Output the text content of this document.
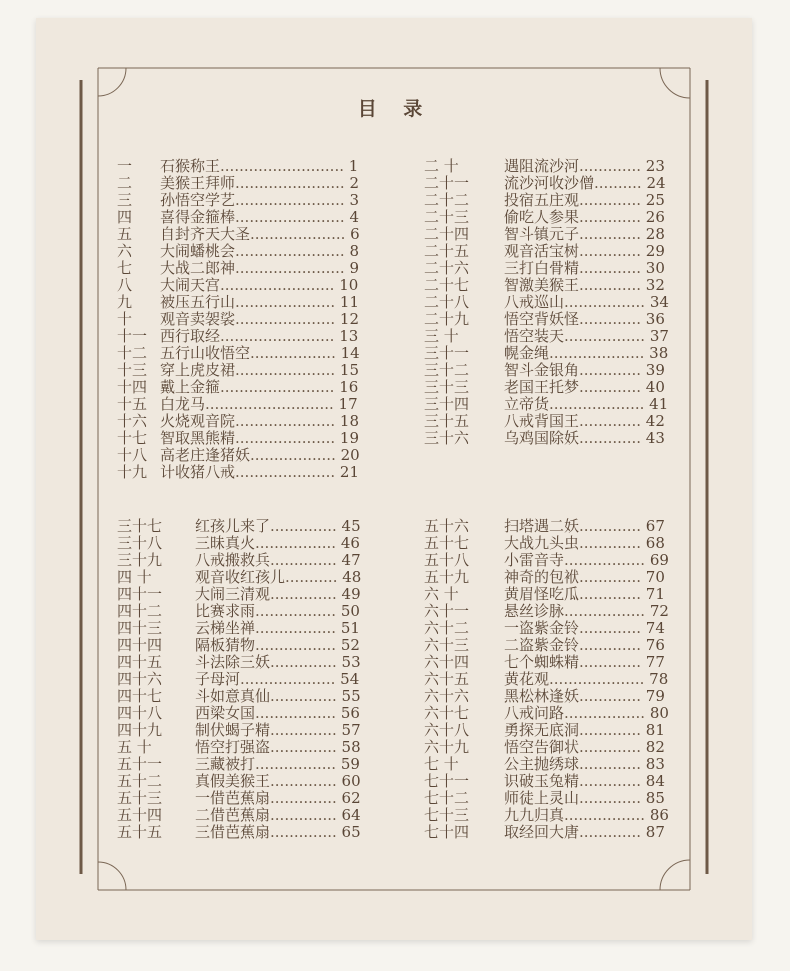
目 录
一 石猴称王.......................... 1
二 美猴王拜师....................... 2
三 孙悟空学艺....................... 3
四 喜得金箍棒....................... 4
五 自封齐天大圣.................... 6
六 大闹蟠桃会....................... 8
七 大战二郎神....................... 9
八 大闹天宫........................ 10
九 被压五行山..................... 11
十 观音卖袈裟..................... 12
十一 西行取经........................ 13
十二 五行山收悟空.................. 14
十三 穿上虎皮裙..................... 15
十四 戴上金箍........................ 16
十五 白龙马........................... 17
十六 火烧观音院..................... 18
十七 智取黑熊精..................... 19
十八 高老庄逢猪妖.................. 20
十九 计收猪八戒..................... 21
二 十	遇阻流沙河............. 23
二十一 流沙河收沙僧.......... 24
二十二 投宿五庄观............. 25
二十三 偷吃人参果............. 26
二十四 智斗镇元子............. 28
二十五 观音活宝树............. 29
二十六 三打白骨精............. 30
二十七 智激美猴王............. 32
二十八 八戒巡山................. 34
二十九 悟空背妖怪............. 36
三 十	悟空装天................. 37
三十一 幌金绳.................... 38
三十二 智斗金银角............. 39
三十三 老国王托梦............. 40
三十四 立帝货.................... 41
三十五 八戒背国王............. 42
三十六 乌鸡国除妖............. 43
三十七 红孩儿来了.............. 45
三十八 三昧真火................. 46
三十九 八戒搬救兵.............. 47
四 十	观音收红孩儿........... 48
四十一 大闹三清观.............. 49
四十二 比赛求雨................. 50
四十三 云梯坐禅................. 51
四十四 隔板猜物................. 52
四十五 斗法除三妖.............. 53
四十六 子母河.................... 54
四十七 斗如意真仙.............. 55
四十八 西梁女国................. 56
四十九 制伏蝎子精.............. 57
五 十	悟空打强盗.............. 58
五十一 三藏被打................. 59
五十二 真假美猴王.............. 60
五十三 一借芭蕉扇.............. 62
五十四 二借芭蕉扇.............. 64
五十五 三借芭蕉扇.............. 65
五十六 扫塔遇二妖............. 67
五十七 大战九头虫............. 68
五十八 小雷音寺................. 69
五十九 神奇的包袱............. 70
六 十	黄眉怪吃瓜............. 71
六十一 悬丝诊脉................. 72
六十二 一盗紫金铃............. 74
六十三 二盗紫金铃............. 76
六十四 七个蜘蛛精............. 77
六十五 黄花观.................... 78
六十六 黑松林逢妖............. 79
六十七 八戒问路................. 80
六十八 勇探无底洞............. 81
六十九 悟空告御状............. 82
七 十	公主抛绣球............. 83
七十一 识破玉兔精............. 84
七十二 师徒上灵山............. 85
七十三 九九归真................. 86
七十四 取经回大唐............. 87
